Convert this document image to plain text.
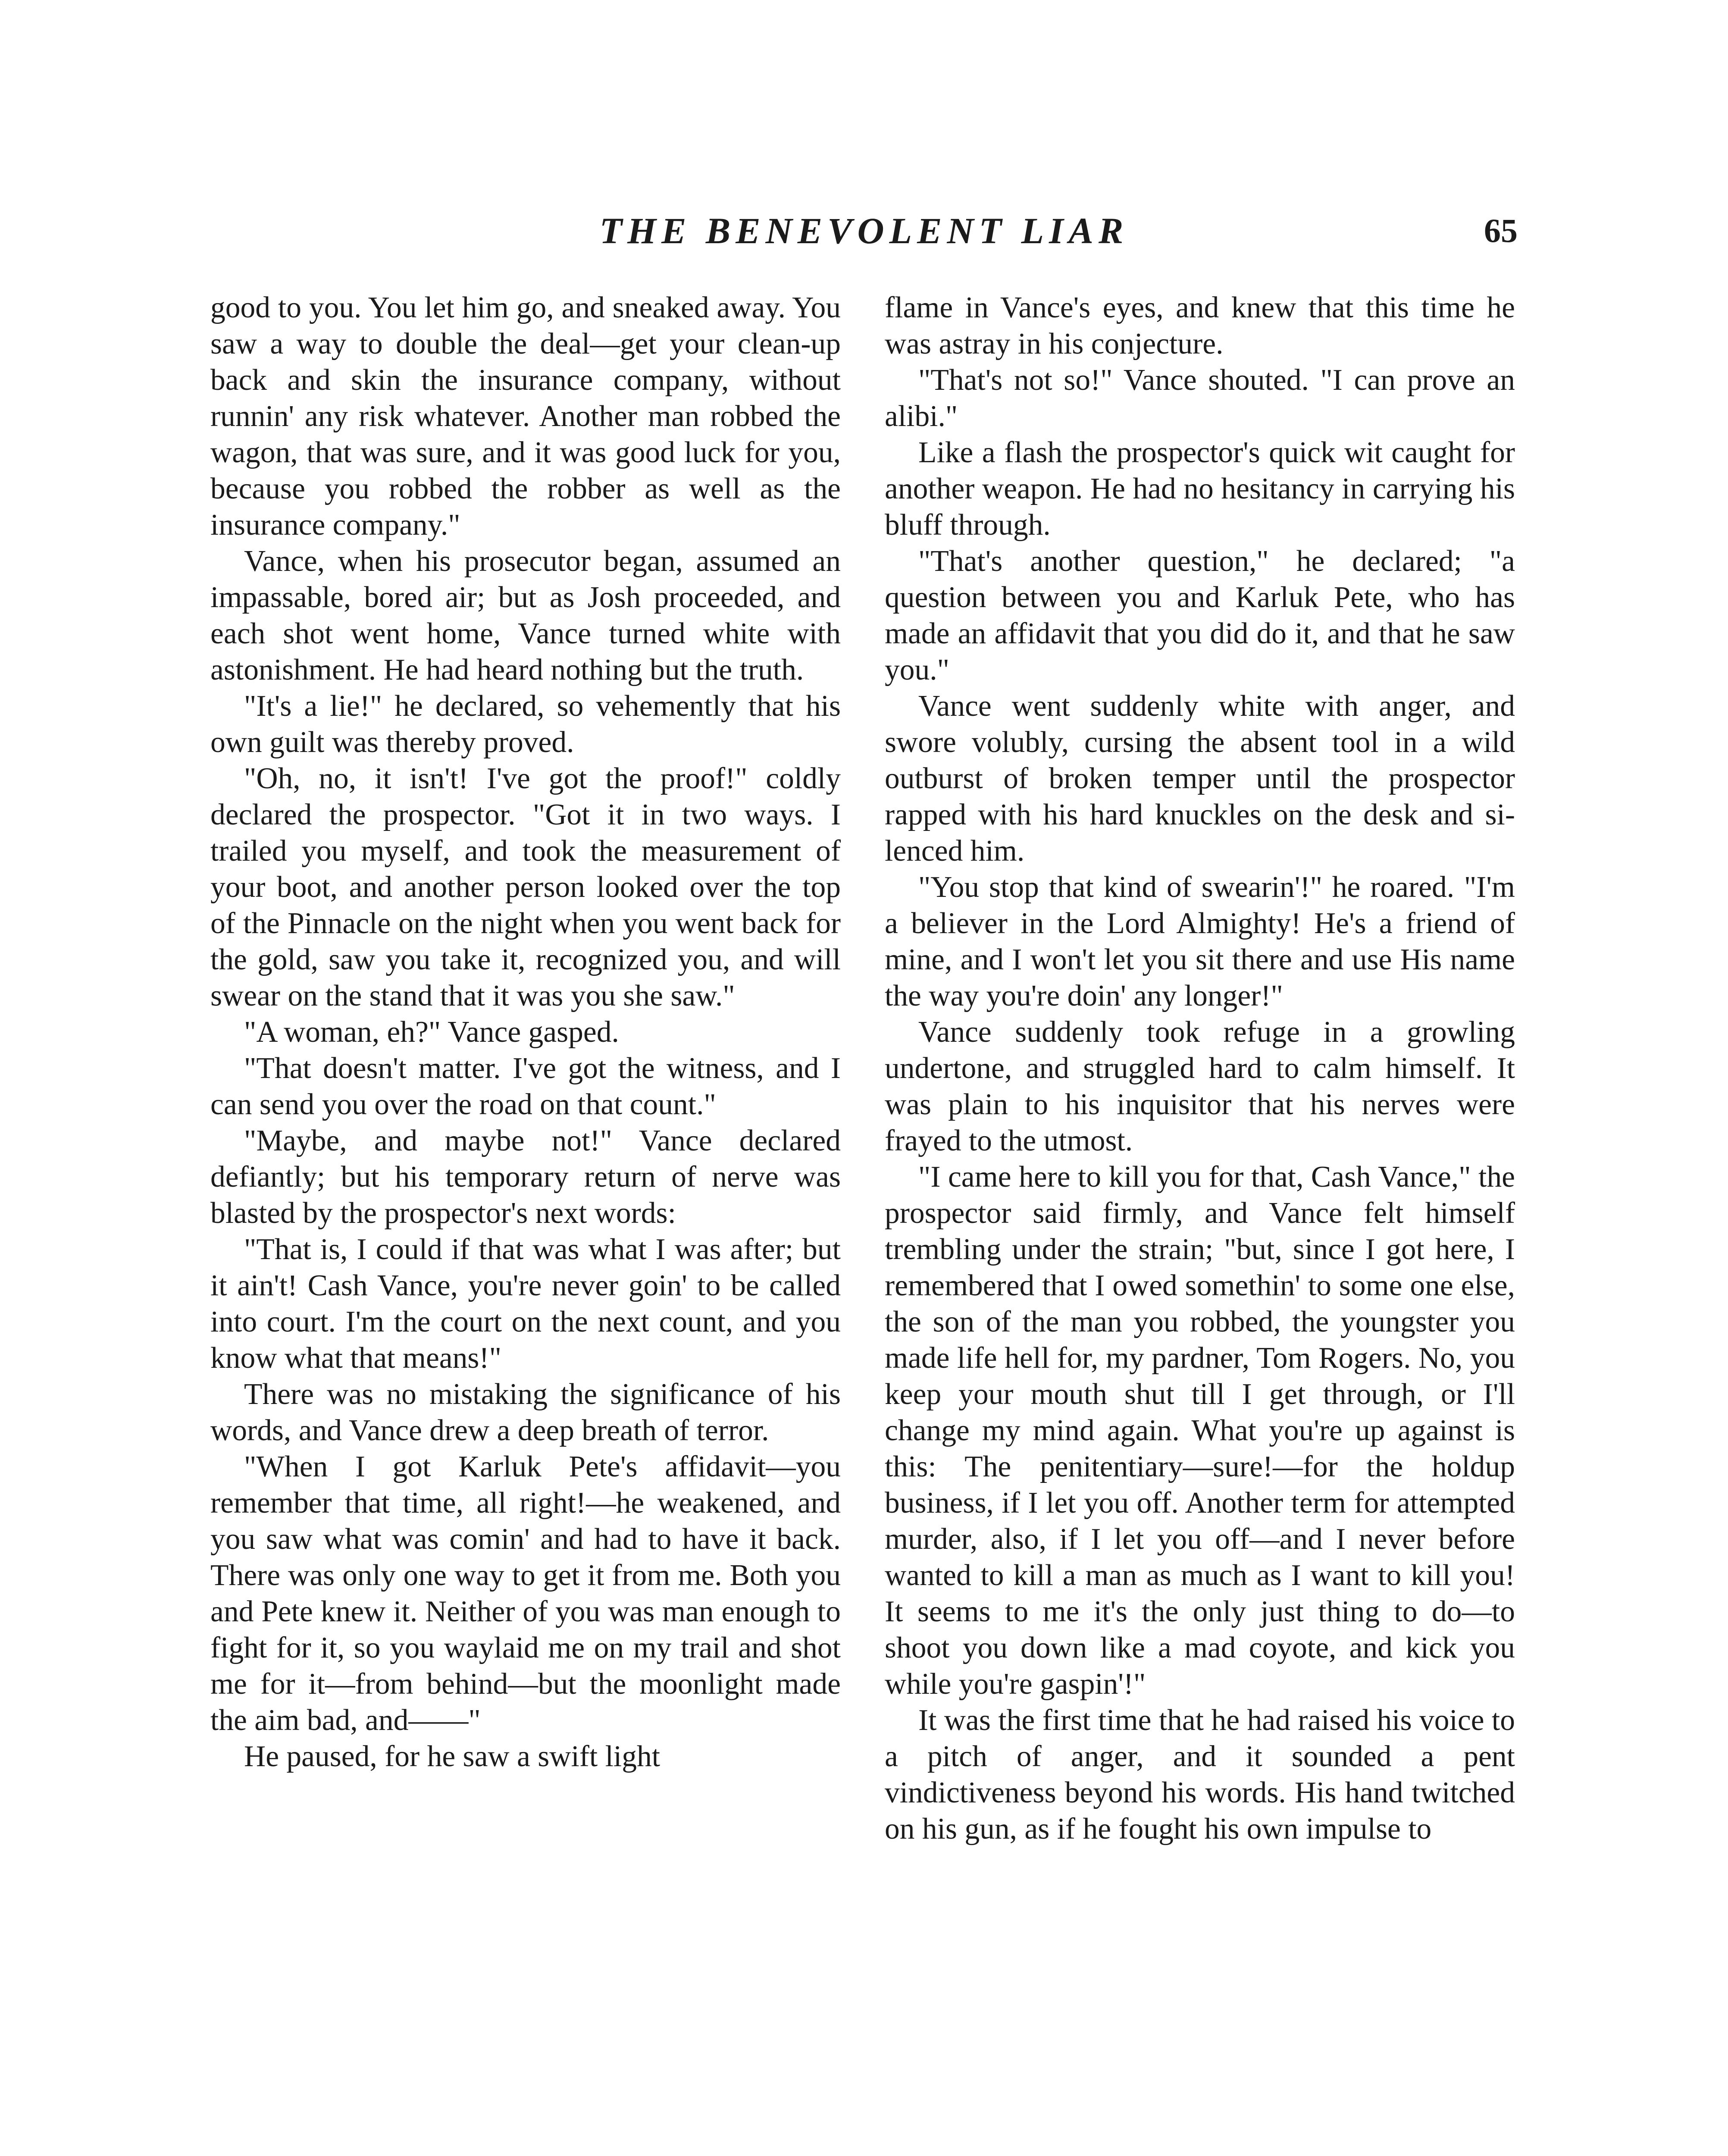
THE BENEVOLENT LIAR	65

good to you. You let him go, and sneaked away. You saw a way to double the deal—get your clean-up back and skin the insurance company, without runnin' any risk whatever. Another man robbed the wagon, that was sure, and it was good luck for you, because you robbed the robber as well as the insurance company."

Vance, when his prosecutor began, assumed an impassable, bored air; but as Josh proceeded, and each shot went home, Vance turned white with astonishment. He had heard nothing but the truth.

"It's a lie!" he declared, so vehemently that his own guilt was thereby proved.

"Oh, no, it isn't! I've got the proof!" coldly declared the prospector. "Got it in two ways. I trailed you myself, and took the measurement of your boot, and another person looked over the top of the Pinnacle on the night when you went back for the gold, saw you take it, recognized you, and will swear on the stand that it was you she saw."

"A woman, eh?" Vance gasped.

"That doesn't matter. I've got the witness, and I can send you over the road on that count."

"Maybe, and maybe not!" Vance declared defiantly; but his temporary return of nerve was blasted by the prospector's next words:

"That is, I could if that was what I was after; but it ain't! Cash Vance, you're never goin' to be called into court. I'm the court on the next count, and you know what that means!"

There was no mistaking the significance of his words, and Vance drew a deep breath of terror.

"When I got Karluk Pete's affidavit—you remember that time, all right!—he weakened, and you saw what was comin' and had to have it back. There was only one way to get it from me. Both you and Pete knew it. Neither of you was man enough to fight for it, so you waylaid me on my trail and shot me for it—from behind—but the moonlight made the aim bad, and——"

He paused, for he saw a swift light

flame in Vance's eyes, and knew that this time he was astray in his conjecture.

"That's not so!" Vance shouted. "I can prove an alibi."

Like a flash the prospector's quick wit caught for another weapon. He had no hesitancy in carrying his bluff through.

"That's another question," he declared; "a question between you and Karluk Pete, who has made an affidavit that you did do it, and that he saw you."

Vance went suddenly white with anger, and swore volubly, cursing the absent tool in a wild outburst of broken temper until the prospector rapped with his hard knuckles on the desk and silenced him.

"You stop that kind of swearin'!" he roared. "I'm a believer in the Lord Almighty! He's a friend of mine, and I won't let you sit there and use His name the way you're doin' any longer!"

Vance suddenly took refuge in a growling undertone, and struggled hard to calm himself. It was plain to his inquisitor that his nerves were frayed to the utmost.

"I came here to kill you for that, Cash Vance," the prospector said firmly, and Vance felt himself trembling under the strain; "but, since I got here, I remembered that I owed somethin' to some one else, the son of the man you robbed, the youngster you made life hell for, my pardner, Tom Rogers. No, you keep your mouth shut till I get through, or I'll change my mind again. What you're up against is this: The penitentiary—sure!—for the holdup business, if I let you off. Another term for attempted murder, also, if I let you off—and I never before wanted to kill a man as much as I want to kill you! It seems to me it's the only just thing to do—to shoot you down like a mad coyote, and kick you while you're gaspin'!"

It was the first time that he had raised his voice to a pitch of anger, and it sounded a pent vindictiveness beyond his words. His hand twitched on his gun, as if he fought his own impulse to
